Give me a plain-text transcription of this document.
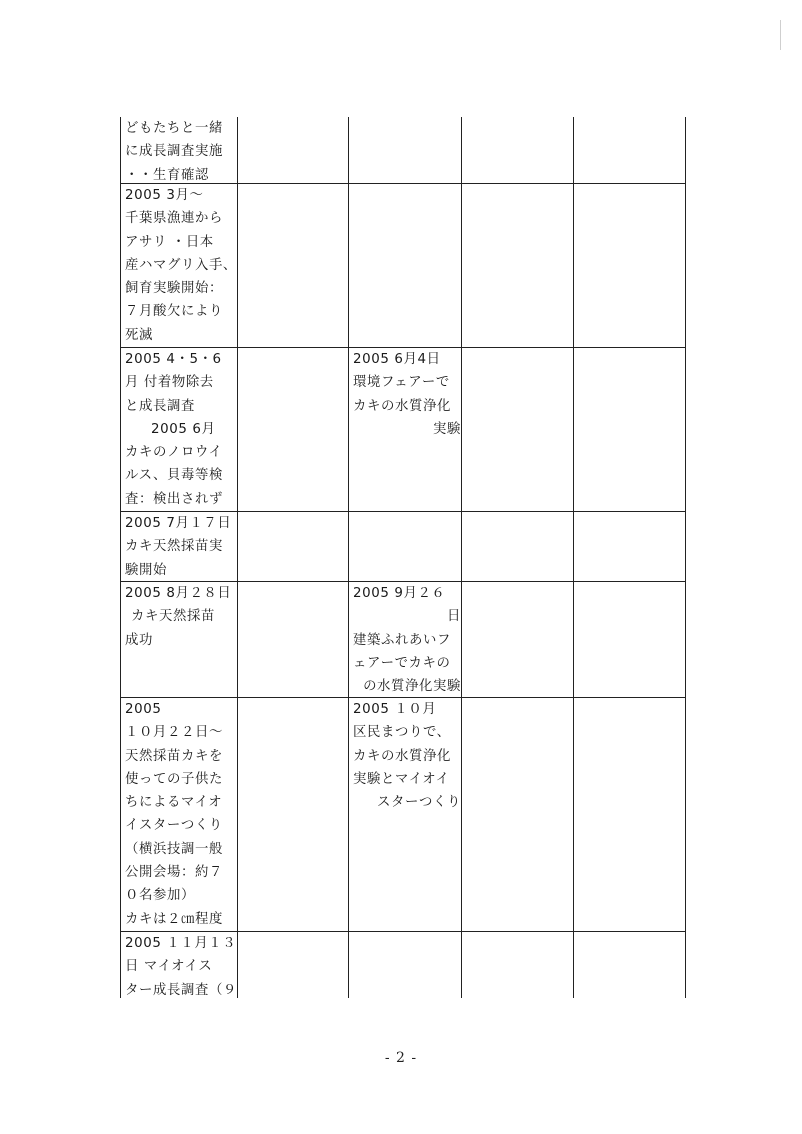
どもたちと一緒
に成長調査実施
・・生育確認
2005 3月～
千葉県漁連から
アサリ ・日本
産ハマグリ入手、
飼育実験開始：
７月酸欠により
死滅
2005 4・5・6
月 付着物除去
と成長調査
2005 6月
カキのノロウイ
ルス、貝毒等検
査：検出されず
2005 6月4日
環境フェアーで
カキの水質浄化
実験
2005 7月１７日
カキ天然採苗実
験開始
2005 8月２８日
カキ天然採苗
成功
2005 9月２６
日
建築ふれあいフ
ェアーでカキの
の水質浄化実験
2005
１０月２２日～
天然採苗カキを
使っての子供た
ちによるマイオ
イスターつくり
（横浜技調一般
公開会場：約７
０名参加）
カキは２㎝程度
2005 １０月
区民まつりで、
カキの水質浄化
実験とマイオイ
スターつくり
2005 １１月１３
日 マイオイス
ター成長調査（９
- 2 -
